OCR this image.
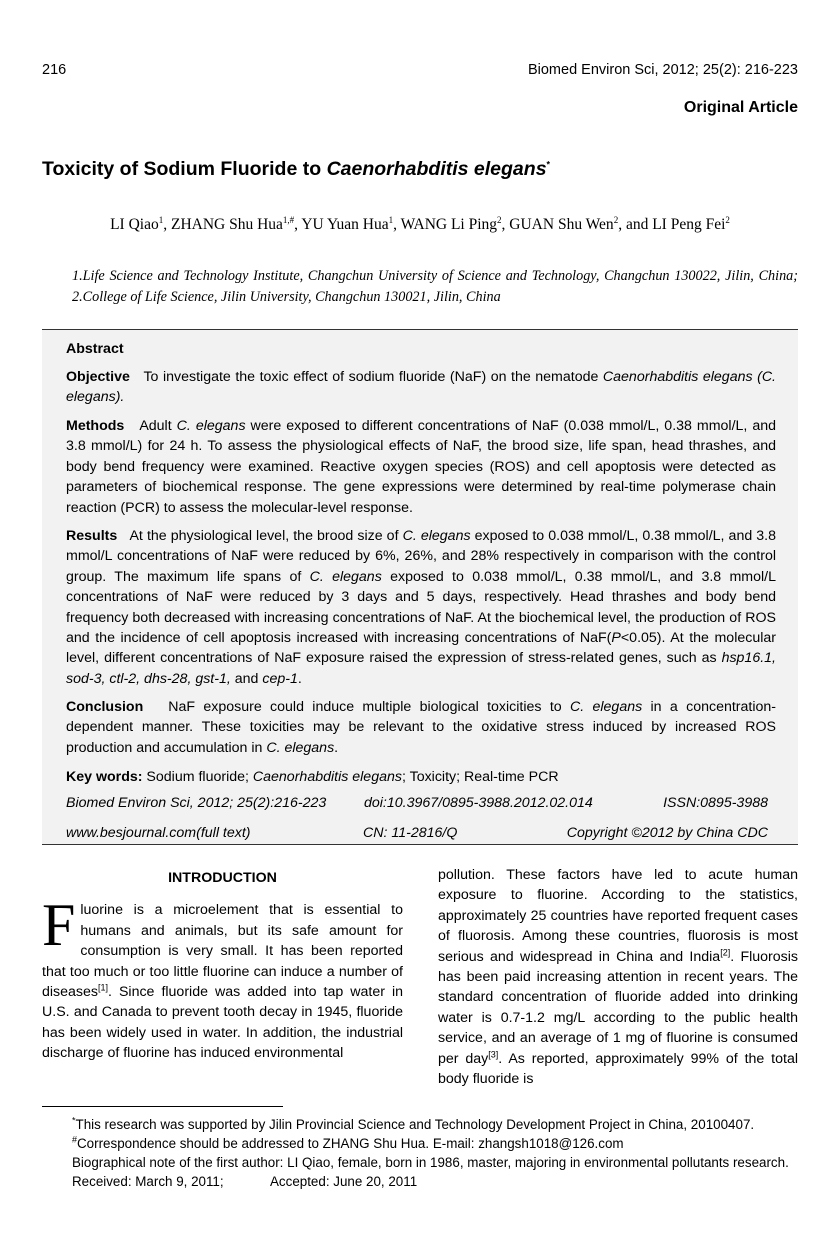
216	Biomed Environ Sci, 2012; 25(2): 216-223
Original Article
Toxicity of Sodium Fluoride to Caenorhabditis elegans*
LI Qiao$^1$, ZHANG Shu Hua$^{1,\#}$, YU Yuan Hua$^1$, WANG Li Ping$^2$, GUAN Shu Wen$^2$, and LI Peng Fei$^2$
1.Life Science and Technology Institute, Changchun University of Science and Technology, Changchun 130022, Jilin, China; 2.College of Life Science, Jilin University, Changchun 130021, Jilin, China
Abstract
Objective To investigate the toxic effect of sodium fluoride (NaF) on the nematode Caenorhabditis elegans (C. elegans).
Methods Adult C. elegans were exposed to different concentrations of NaF (0.038 mmol/L, 0.38 mmol/L, and 3.8 mmol/L) for 24 h. To assess the physiological effects of NaF, the brood size, life span, head thrashes, and body bend frequency were examined. Reactive oxygen species (ROS) and cell apoptosis were detected as parameters of biochemical response. The gene expressions were determined by real-time polymerase chain reaction (PCR) to assess the molecular-level response.
Results At the physiological level, the brood size of C. elegans exposed to 0.038 mmol/L, 0.38 mmol/L, and 3.8 mmol/L concentrations of NaF were reduced by 6%, 26%, and 28% respectively in comparison with the control group. The maximum life spans of C. elegans exposed to 0.038 mmol/L, 0.38 mmol/L, and 3.8 mmol/L concentrations of NaF were reduced by 3 days and 5 days, respectively. Head thrashes and body bend frequency both decreased with increasing concentrations of NaF. At the biochemical level, the production of ROS and the incidence of cell apoptosis increased with increasing concentrations of NaF(P<0.05). At the molecular level, different concentrations of NaF exposure raised the expression of stress-related genes, such as hsp16.1, sod-3, ctl-2, dhs-28, gst-1, and cep-1.
Conclusion NaF exposure could induce multiple biological toxicities to C. elegans in a concentration-dependent manner. These toxicities may be relevant to the oxidative stress induced by increased ROS production and accumulation in C. elegans.
Key words: Sodium fluoride; Caenorhabditis elegans; Toxicity; Real-time PCR
Biomed Environ Sci, 2012; 25(2):216-223	doi:10.3967/0895-3988.2012.02.014	ISSN:0895-3988
www.besjournal.com(full text)	CN: 11-2816/Q	Copyright ©2012 by China CDC
INTRODUCTION
Fluorine is a microelement that is essential to humans and animals, but its safe amount for consumption is very small. It has been reported that too much or too little fluorine can induce a number of diseases[1]. Since fluoride was added into tap water in U.S. and Canada to prevent tooth decay in 1945, fluoride has been widely used in water. In addition, the industrial discharge of fluorine has induced environmental
pollution. These factors have led to acute human exposure to fluorine. According to the statistics, approximately 25 countries have reported frequent cases of fluorosis. Among these countries, fluorosis is most serious and widespread in China and India[2]. Fluorosis has been paid increasing attention in recent years. The standard concentration of fluoride added into drinking water is 0.7-1.2 mg/L according to the public health service, and an average of 1 mg of fluorine is consumed per day[3]. As reported, approximately 99% of the total body fluoride is
*This research was supported by Jilin Provincial Science and Technology Development Project in China, 20100407.
#Correspondence should be addressed to ZHANG Shu Hua. E-mail: zhangsh1018@126.com
Biographical note of the first author: LI Qiao, female, born in 1986, master, majoring in environmental pollutants research.
Received: March 9, 2011;	Accepted: June 20, 2011
